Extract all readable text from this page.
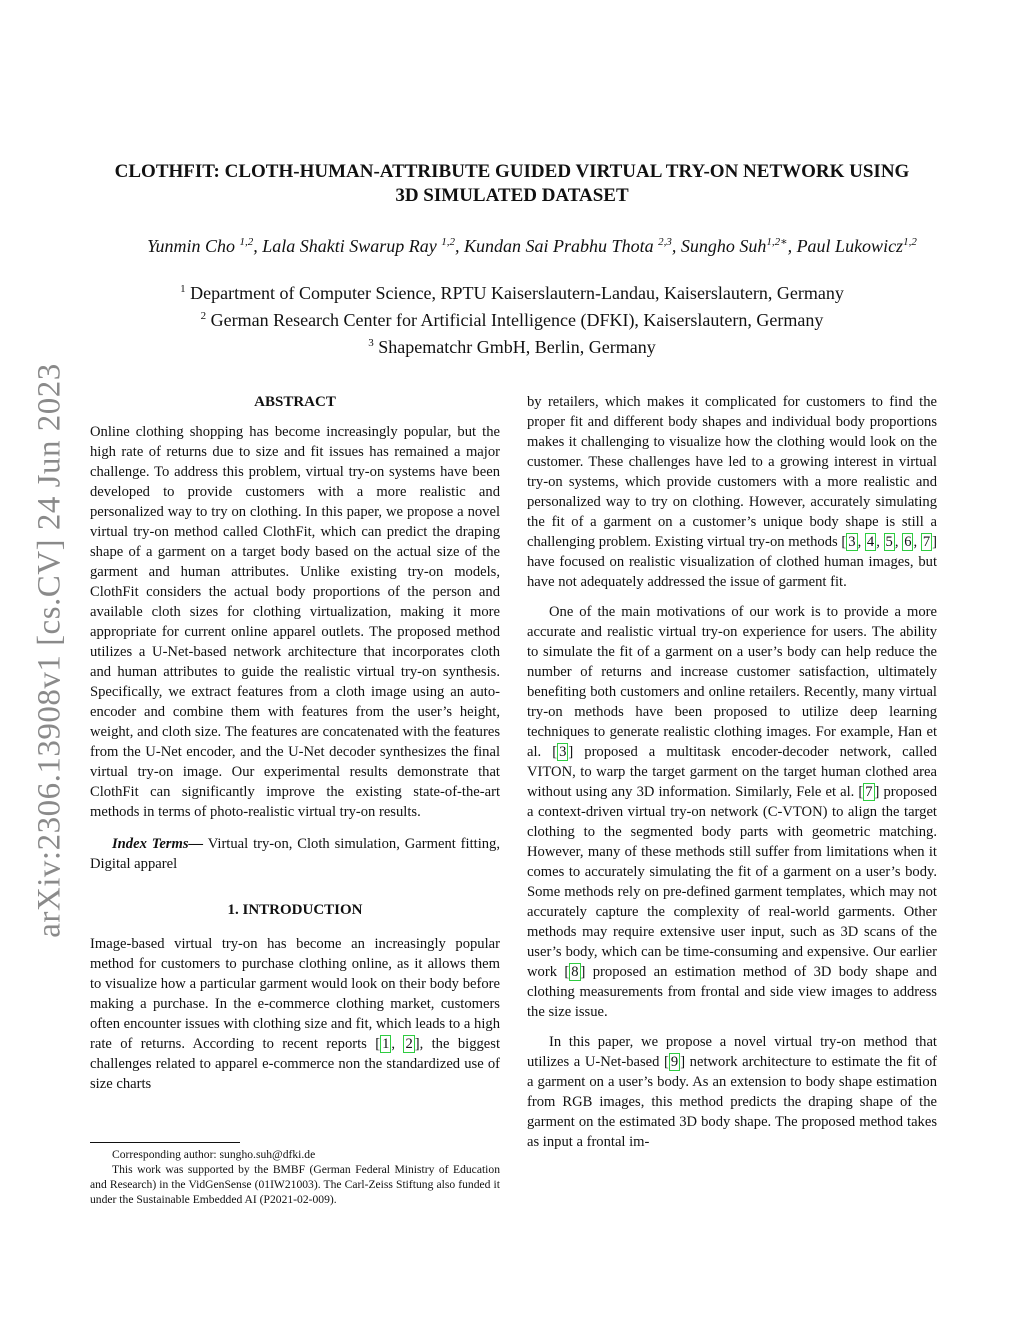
arXiv:2306.13908v1 [cs.CV] 24 Jun 2023
CLOTHFIT: CLOTH-HUMAN-ATTRIBUTE GUIDED VIRTUAL TRY-ON NETWORK USING
3D SIMULATED DATASET
Yunmin Cho $^{1,2}$, Lala Shakti Swarup Ray $^{1,2}$, Kundan Sai Prabhu Thota $^{2,3}$, Sungho Suh$^{1,2∗}$, Paul Lukowicz$^{1,2}$
$^1$ Department of Computer Science, RPTU Kaiserslautern-Landau, Kaiserslautern, Germany
$^2$ German Research Center for Artificial Intelligence (DFKI), Kaiserslautern, Germany
$^3$ Shapematchr GmbH, Berlin, Germany
ABSTRACT

Online clothing shopping has become increasingly popular, but the high rate of returns due to size and fit issues has remained a major challenge. To address this problem, virtual try-on systems have been developed to provide customers with a more realistic and personalized way to try on clothing. In this paper, we propose a novel virtual try-on method called ClothFit, which can predict the draping shape of a garment on a target body based on the actual size of the garment and human attributes. Unlike existing try-on models, ClothFit considers the actual body proportions of the person and available cloth sizes for clothing virtualization, making it more appropriate for current online apparel outlets. The proposed method utilizes a U-Net-based network architecture that incorporates cloth and human attributes to guide the realistic virtual try-on synthesis. Specifically, we extract features from a cloth image using an auto-encoder and combine them with features from the user’s height, weight, and cloth size. The features are concatenated with the features from the U-Net encoder, and the U-Net decoder synthesizes the final virtual try-on image. Our experimental results demonstrate that ClothFit can significantly improve the existing state-of-the-art methods in terms of photo-realistic virtual try-on results.

Index Terms— Virtual try-on, Cloth simulation, Garment fitting, Digital apparel

1. INTRODUCTION

Image-based virtual try-on has become an increasingly popular method for customers to purchase clothing online, as it allows them to visualize how a particular garment would look on their body before making a purchase. In the e-commerce clothing market, customers often encounter issues with clothing size and fit, which leads to a high rate of returns. According to recent reports [ 1 , 2 ], the biggest challenges related to apparel e-commerce non the standardized use of size charts

Corresponding author: sungho.suh@dfki.de

This work was supported by the BMBF (German Federal Ministry of Education and Research) in the VidGenSense (01IW21003). The Carl-Zeiss Stiftung also funded it under the Sustainable Embedded AI (P2021-02-009).

by retailers, which makes it complicated for customers to find the proper fit and different body shapes and individual body proportions makes it challenging to visualize how the clothing would look on the customer. These challenges have led to a growing interest in virtual try-on systems, which provide customers with a more realistic and personalized way to try on clothing. However, accurately simulating the fit of a garment on a customer’s unique body shape is still a challenging problem. Existing virtual try-on methods [ 3 , 4 , 5 , 6 , 7 ] have focused on realistic visualization of clothed human images, but have not adequately addressed the issue of garment fit.

One of the main motivations of our work is to provide a more accurate and realistic virtual try-on experience for users. The ability to simulate the fit of a garment on a user’s body can help reduce the number of returns and increase customer satisfaction, ultimately benefiting both customers and online retailers. Recently, many virtual try-on methods have been proposed to utilize deep learning techniques to generate realistic clothing images. For example, Han et al. [ 3 ] proposed a multitask encoder-decoder network, called VITON, to warp the target garment on the target human clothed area without using any 3D information. Similarly, Fele et al. [ 7 ] proposed a context-driven virtual try-on network (C-VTON) to align the target clothing to the segmented body parts with geometric matching. However, many of these methods still suffer from limitations when it comes to accurately simulating the fit of a garment on a user’s body. Some methods rely on pre-defined garment templates, which may not accurately capture the complexity of real-world garments. Other methods may require extensive user input, such as 3D scans of the user’s body, which can be time-consuming and expensive. Our earlier work [ 8 ] proposed an estimation method of 3D body shape and clothing measurements from frontal and side view images to address the size issue.

In this paper, we propose a novel virtual try-on method that utilizes a U-Net-based [ 9 ] network architecture to estimate the fit of a garment on a user’s body. As an extension to body shape estimation from RGB images, this method predicts the draping shape of the garment on the estimated 3D body shape. The proposed method takes as input a frontal im-
